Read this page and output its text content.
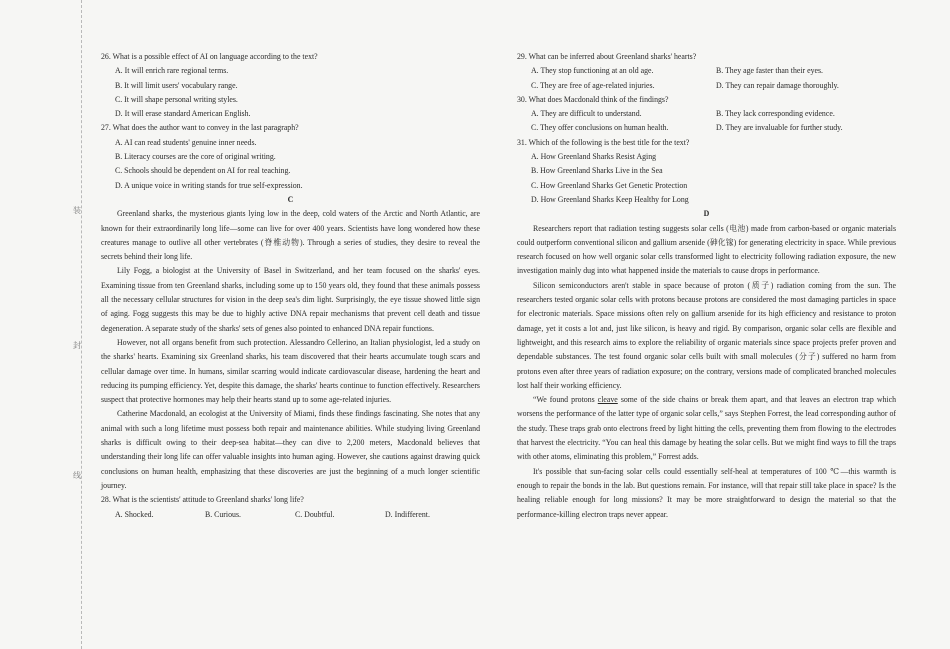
装
封
线

26. What is a possible effect of AI on language according to the text?

A. It will enrich rare regional terms.

B. It will limit users' vocabulary range.

C. It will shape personal writing styles.

D. It will erase standard American English.

27. What does the author want to convey in the last paragraph?

A. AI can read students' genuine inner needs.

B. Literacy courses are the core of original writing.

C. Schools should be dependent on AI for real teaching.

D. A unique voice in writing stands for true self-expression.

C

Greenland sharks, the mysterious giants lying low in the deep, cold waters of the Arctic and North Atlantic, are known for their extraordinarily long life—some can live for over 400 years. Scientists have long wondered how these creatures manage to outlive all other vertebrates (脊椎动物). Through a series of studies, they desire to reveal the secrets behind their long life.

Lily Fogg, a biologist at the University of Basel in Switzerland, and her team focused on the sharks' eyes. Examining tissue from ten Greenland sharks, including some up to 150 years old, they found that these animals possess all the necessary cellular structures for vision in the deep sea's dim light. Surprisingly, the eye tissue showed little sign of aging. Fogg suggests this may be due to highly active DNA repair mechanisms that prevent cell death and tissue degeneration. A separate study of the sharks' sets of genes also pointed to enhanced DNA repair functions.

However, not all organs benefit from such protection. Alessandro Cellerino, an Italian physiologist, led a study on the sharks' hearts. Examining six Greenland sharks, his team discovered that their hearts accumulate tough scars and cellular damage over time. In humans, similar scarring would indicate cardiovascular disease, hardening the heart and reducing its pumping efficiency. Yet, despite this damage, the sharks' hearts continue to function effectively. Researchers suspect that protective hormones may help their hearts stand up to some age-related injuries.

Catherine Macdonald, an ecologist at the University of Miami, finds these findings fascinating. She notes that any animal with such a long lifetime must possess both repair and maintenance abilities. While studying living Greenland sharks is difficult owing to their deep-sea habitat—they can dive to 2,200 meters, Macdonald believes that understanding their long life can offer valuable insights into human aging. However, she cautions against drawing quick conclusions on human health, emphasizing that these discoveries are just the beginning of a much longer scientific journey.

28. What is the scientists' attitude to Greenland sharks' long life?

A. Shocked.	B. Curious.	C. Doubtful.	D. Indifferent.

29. What can be inferred about Greenland sharks' hearts?

A. They stop functioning at an old age.	B. They age faster than their eyes.
C. They are free of age-related injuries.	D. They can repair damage thoroughly.

30. What does Macdonald think of the findings?

A. They are difficult to understand.	B. They lack corresponding evidence.
C. They offer conclusions on human health.	D. They are invaluable for further study.

31. Which of the following is the best title for the text?

A. How Greenland Sharks Resist Aging

B. How Greenland Sharks Live in the Sea

C. How Greenland Sharks Get Genetic Protection

D. How Greenland Sharks Keep Healthy for Long

D

Researchers report that radiation testing suggests solar cells (电池) made from carbon-based or organic materials could outperform conventional silicon and gallium arsenide (砷化镓) for generating electricity in space. While previous research focused on how well organic solar cells transformed light to electricity following radiation exposure, the new investigation mainly dug into what happened inside the materials to cause drops in performance.

Silicon semiconductors aren't stable in space because of proton (质子) radiation coming from the sun. The researchers tested organic solar cells with protons because protons are considered the most damaging particles in space for electronic materials. Space missions often rely on gallium arsenide for its high efficiency and resistance to proton damage, yet it costs a lot and, just like silicon, is heavy and rigid. By comparison, organic solar cells are flexible and lightweight, and this research aims to explore the reliability of organic materials since space projects prefer proven and dependable substances. The test found organic solar cells built with small molecules (分子) suffered no harm from protons even after three years of radiation exposure; on the contrary, versions made of complicated branched molecules lost half their working efficiency.

“We found protons cleave some of the side chains or break them apart, and that leaves an electron trap which worsens the performance of the latter type of organic solar cells,” says Stephen Forrest, the lead corresponding author of the study. These traps grab onto electrons freed by light hitting the cells, preventing them from flowing to the electrodes that harvest the electricity. “You can heal this damage by heating the solar cells. But we might find ways to fill the traps with other atoms, eliminating this problem,” Forrest adds.

It's possible that sun-facing solar cells could essentially self-heal at temperatures of 100 ℃—this warmth is enough to repair the bonds in the lab. But questions remain. For instance, will that repair still take place in space? Is the healing reliable enough for long missions? It may be more straightforward to design the material so that the performance-killing electron traps never appear.
